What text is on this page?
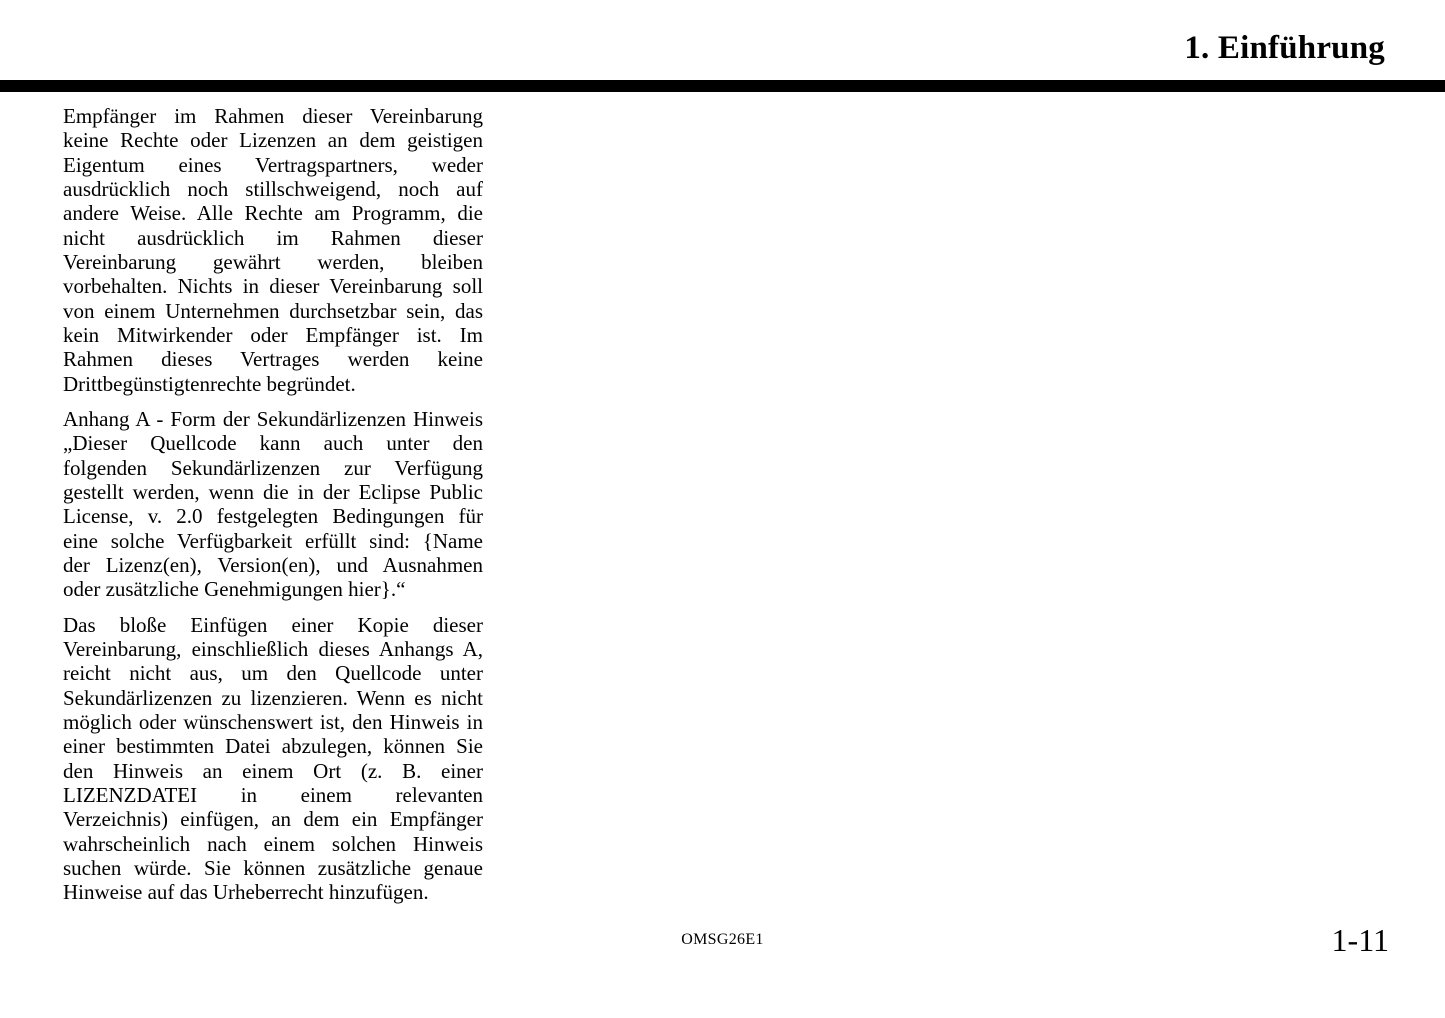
1. Einführung

Empfänger im Rahmen dieser Vereinbarung
keine Rechte oder Lizenzen an dem geistigen
Eigentum eines Vertragspartners, weder
ausdrücklich noch stillschweigend, noch auf
andere Weise. Alle Rechte am Programm, die
nicht ausdrücklich im Rahmen dieser
Vereinbarung gewährt werden, bleiben
vorbehalten. Nichts in dieser Vereinbarung soll
von einem Unternehmen durchsetzbar sein, das
kein Mitwirkender oder Empfänger ist. Im
Rahmen dieses Vertrages werden keine
Drittbegünstigtenrechte begründet.

Anhang A - Form der Sekundärlizenzen Hinweis
„Dieser Quellcode kann auch unter den
folgenden Sekundärlizenzen zur Verfügung
gestellt werden, wenn die in der Eclipse Public
License, v. 2.0 festgelegten Bedingungen für
eine solche Verfügbarkeit erfüllt sind: {Name
der Lizenz(en), Version(en), und Ausnahmen
oder zusätzliche Genehmigungen hier}.“

Das bloße Einfügen einer Kopie dieser
Vereinbarung, einschließlich dieses Anhangs A,
reicht nicht aus, um den Quellcode unter
Sekundärlizenzen zu lizenzieren. Wenn es nicht
möglich oder wünschenswert ist, den Hinweis in
einer bestimmten Datei abzulegen, können Sie
den Hinweis an einem Ort (z. B. einer
LIZENZDATEI in einem relevanten
Verzeichnis) einfügen, an dem ein Empfänger
wahrscheinlich nach einem solchen Hinweis
suchen würde. Sie können zusätzliche genaue
Hinweise auf das Urheberrecht hinzufügen.

OMSG26E1	1-11
